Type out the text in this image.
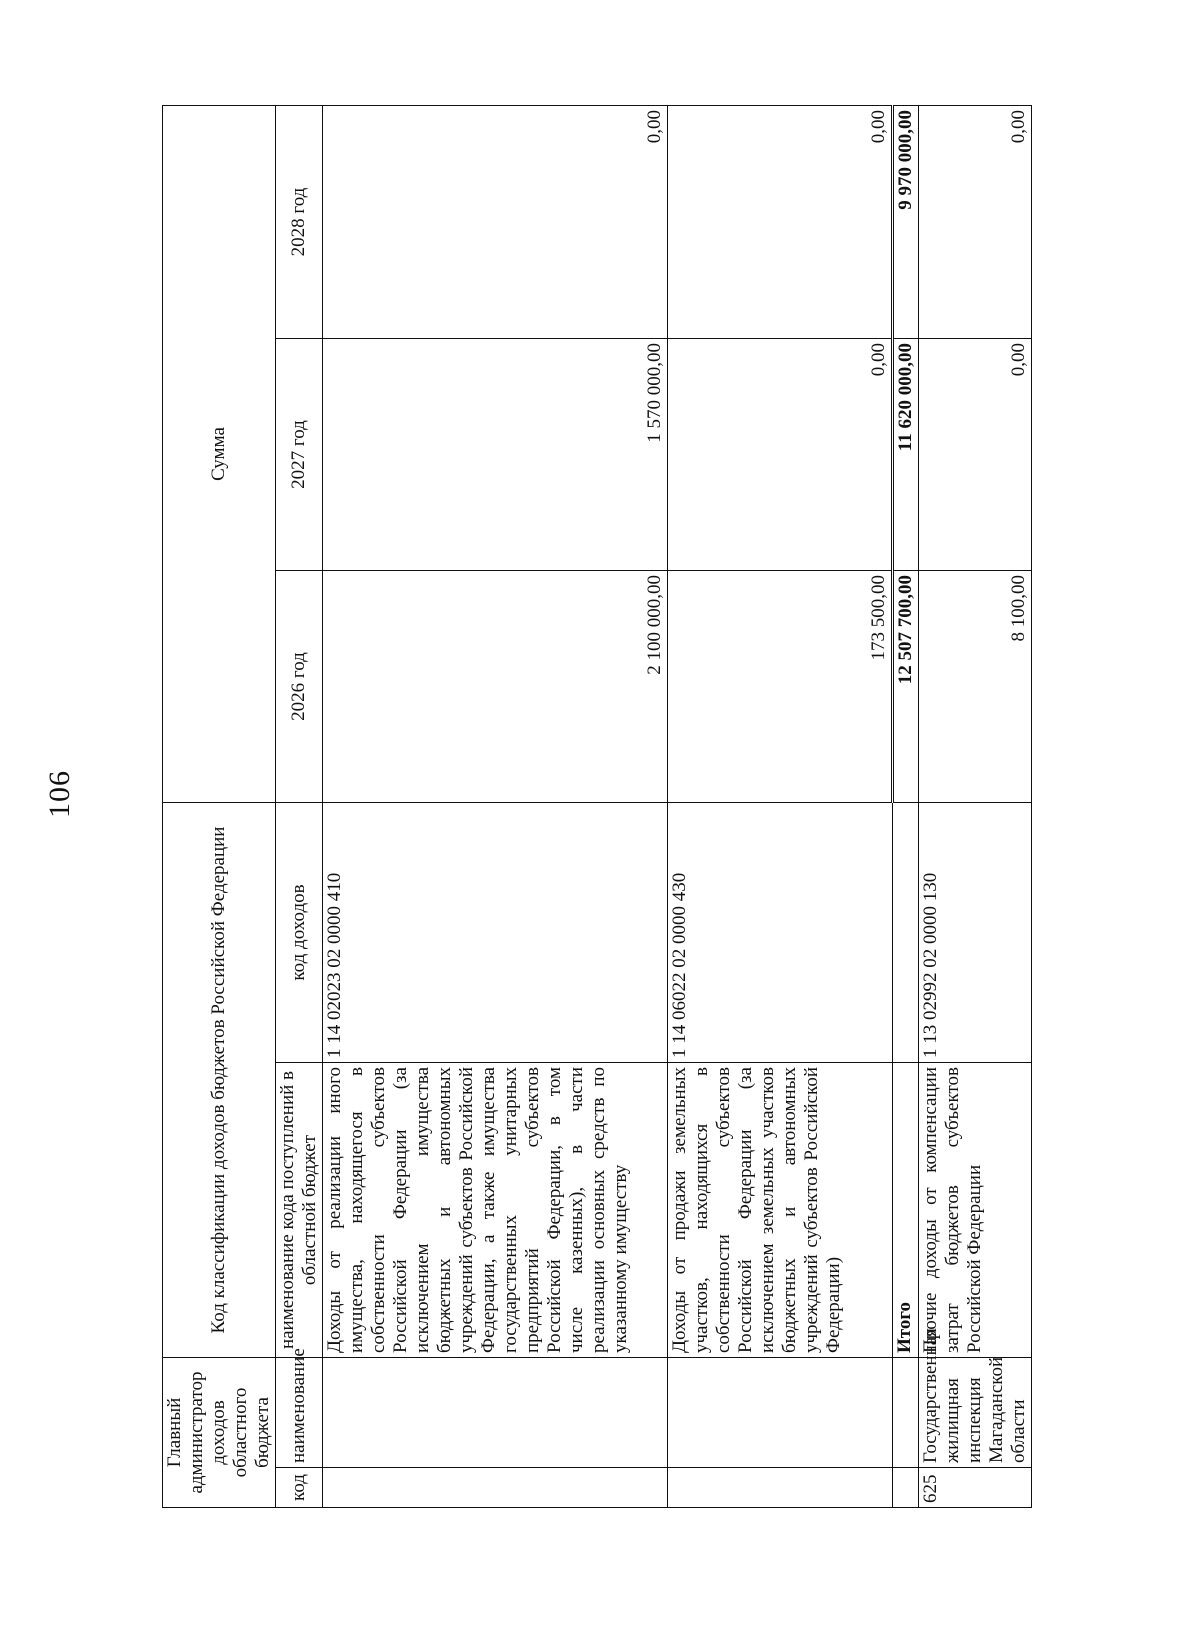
106
Главный администратор доходов областного бюджета		Код классификации доходов бюджетов Российской Федерации		Сумма		
код	наименование	наименование кода поступлений в областной бюджет	код доходов	2026 год	2027 год	2028 год
		Доходы от реализации иного имущества, находящегося в собственности субъектов Российской Федерации (за исключением имущества бюджетных и автономных учреждений субъектов Российской Федерации, а также имущества государственных унитарных предприятий субъектов Российской Федерации, в том числе казенных), в части реализации основных средств по указанному имуществу	1 14 02023 02 0000 410	2 100 000,00	1 570 000,00	0,00
		Доходы от продажи земельных участков, находящихся в собственности субъектов Российской Федерации (за исключением земельных участков бюджетных и автономных учреждений субъектов Российской Федерации)	1 14 06022 02 0000 430	173 500,00	0,00	0,00
		Итого		12 507 700,00	11 620 000,00	9 970 000,00
625	Государственная жилищная инспекция Магаданской области	Прочие доходы от компенсации затрат бюджетов субъектов Российской Федерации	1 13 02992 02 0000 130	8 100,00	0,00	0,00
